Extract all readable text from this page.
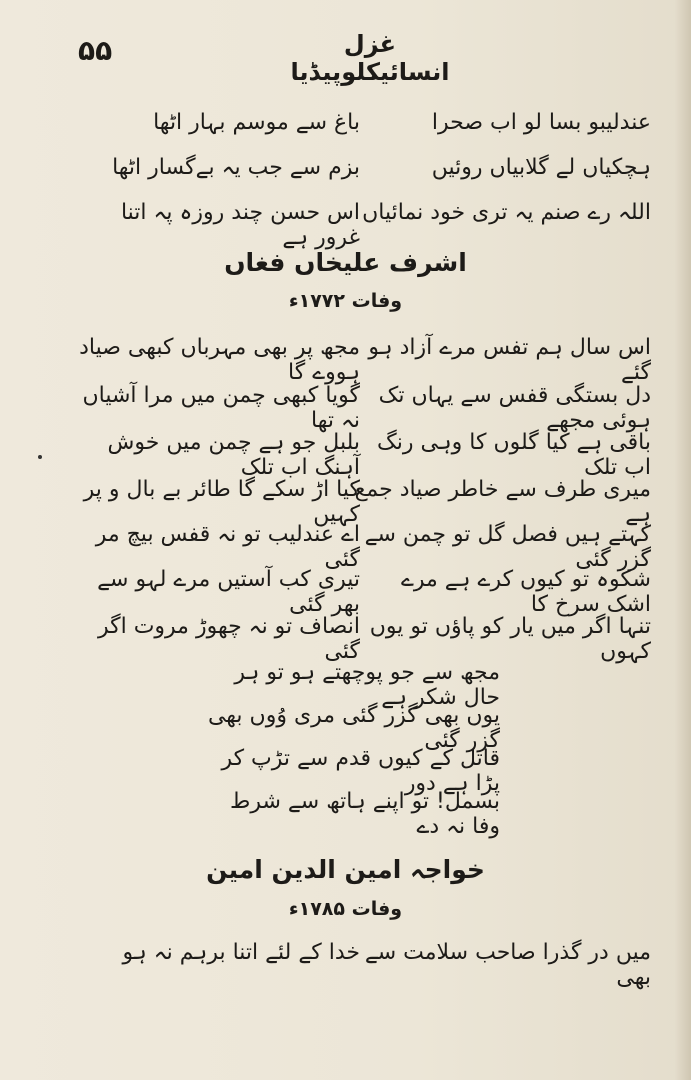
۵۵	غزل انسائیکلوپیڈیا
عندلیبو بسا لو اب صحرا
باغ سے موسم بہار اٹھا
ہچکیاں لے گلابیاں روئیں
بزم سے جب یہ بےگسار اٹھا
اللہ رے صنم یہ تری خود نمائیاں
اس حسن چند روزہ پہ اتنا غرور ہے
اشرف علیخاں فغاں
وفات ۱۷۷۲ء
اس سال ہم تفس مرے آزاد ہو گئے
مجھ پر بھی مہرباں کبھی صیاد ہووے گا
دل بستگی قفس سے یہاں تک ہوئی مجھے
گویا کبھی چمن میں مرا آشیاں نہ تھا
باقی ہے کیا گلوں کا وہی رنگ اب تلک
بلبل جو ہے چمن میں خوش آہنگ اب تلک
میری طرف سے خاطر صیاد جمع ہے
کیا اڑ سکے گا طائر بے بال و پر کہیں
کہتے ہیں فصل گل تو چمن سے گزر گئی
اے عندلیب تو نہ قفس بیچ مر گئی
شکوہ تو کیوں کرے ہے مرے اشک سرخ کا
تیری کب آستیں مرے لہو سے بھر گئی
تنہا اگر میں یار کو پاؤں تو یوں کہوں
انصاف تو نہ چھوڑ مروت اگر گئی
مجھ سے جو پوچھتے ہو تو ہر حال شکر ہے
یوں بھی گزر گئی مری وُوں بھی گزر گئی
قاتل کے کیوں قدم سے تڑپ کر پڑا ہے دور
بسمل! تو اپنے ہاتھ سے شرط وفا نہ دے
خواجہ امین الدین امین
وفات ۱۷۸۵ء
میں در گذرا صاحب سلامت سے بھی
خدا کے لئے اتنا برہم نہ ہو
